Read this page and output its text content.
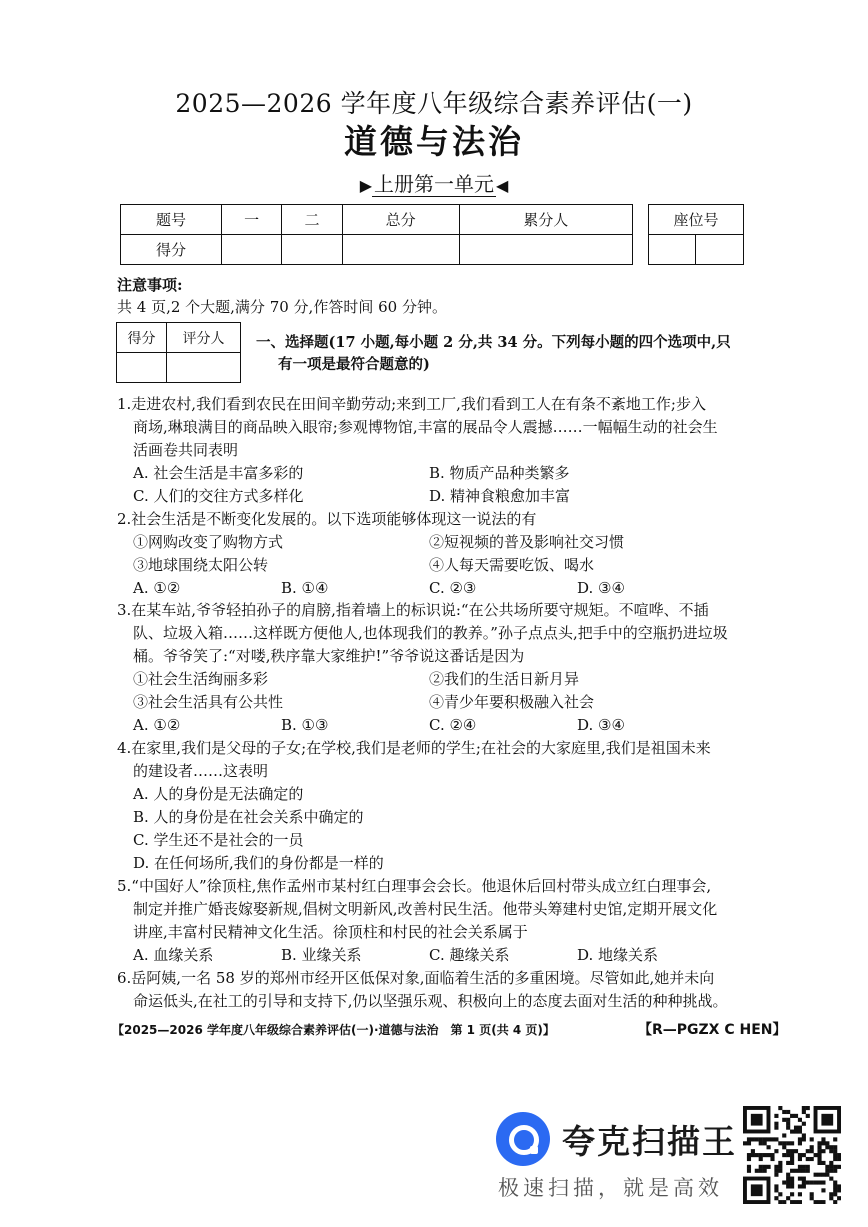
2025—2026 学年度八年级综合素养评估(一)
道德与法治
▶ 上册第一单元 ◀
题号	一	二	总分	累分人
得分				
座位号

注意事项:
共 4 页,2 个大题,满分 70 分,作答时间 60 分钟。
得分	评分人
	一、选择题(17 小题,每小题 2 分,共 34 分。下列每小题的四个选项中,只
有一项是最符合题意的)

1.走进农村,我们看到农民在田间辛勤劳动;来到工厂,我们看到工人在有条不紊地工作;步入

商场,琳琅满目的商品映入眼帘;参观博物馆,丰富的展品令人震撼……一幅幅生动的社会生

活画卷共同表明

A. 社会生活是丰富多彩的	B. 物质产品种类繁多
C. 人们的交往方式多样化	D. 精神食粮愈加丰富

2.社会生活是不断变化发展的。以下选项能够体现这一说法的有

①网购改变了购物方式	②短视频的普及影响社交习惯
③地球围绕太阳公转	④人每天需要吃饭、喝水
A. ①②	B. ①④	C. ②③	D. ③④

3.在某车站,爷爷轻拍孙子的肩膀,指着墙上的标识说:“在公共场所要守规矩。不喧哗、不插

队、垃圾入箱……这样既方便他人,也体现我们的教养。”孙子点点头,把手中的空瓶扔进垃圾

桶。爷爷笑了:“对喽,秩序靠大家维护!”爷爷说这番话是因为

①社会生活绚丽多彩	②我们的生活日新月异
③社会生活具有公共性	④青少年要积极融入社会
A. ①②	B. ①③	C. ②④	D. ③④

4.在家里,我们是父母的子女;在学校,我们是老师的学生;在社会的大家庭里,我们是祖国未来

的建设者……这表明

A. 人的身份是无法确定的

B. 人的身份是在社会关系中确定的

C. 学生还不是社会的一员

D. 在任何场所,我们的身份都是一样的

5.“中国好人”徐顶柱,焦作孟州市某村红白理事会会长。他退休后回村带头成立红白理事会,

制定并推广婚丧嫁娶新规,倡树文明新风,改善村民生活。他带头筹建村史馆,定期开展文化

讲座,丰富村民精神文化生活。徐顶柱和村民的社会关系属于

A. 血缘关系	B. 业缘关系	C. 趣缘关系	D. 地缘关系

6.岳阿姨,一名 58 岁的郑州市经开区低保对象,面临着生活的多重困境。尽管如此,她并未向

命运低头,在社工的引导和支持下,仍以坚强乐观、积极向上的态度去面对生活的种种挑战。

【2025—2026 学年度八年级综合素养评估(一)·道德与法治　第 1 页(共 4 页)】	【R—PGZX C HEN】
夸克扫描王
极速扫描，就是高效
